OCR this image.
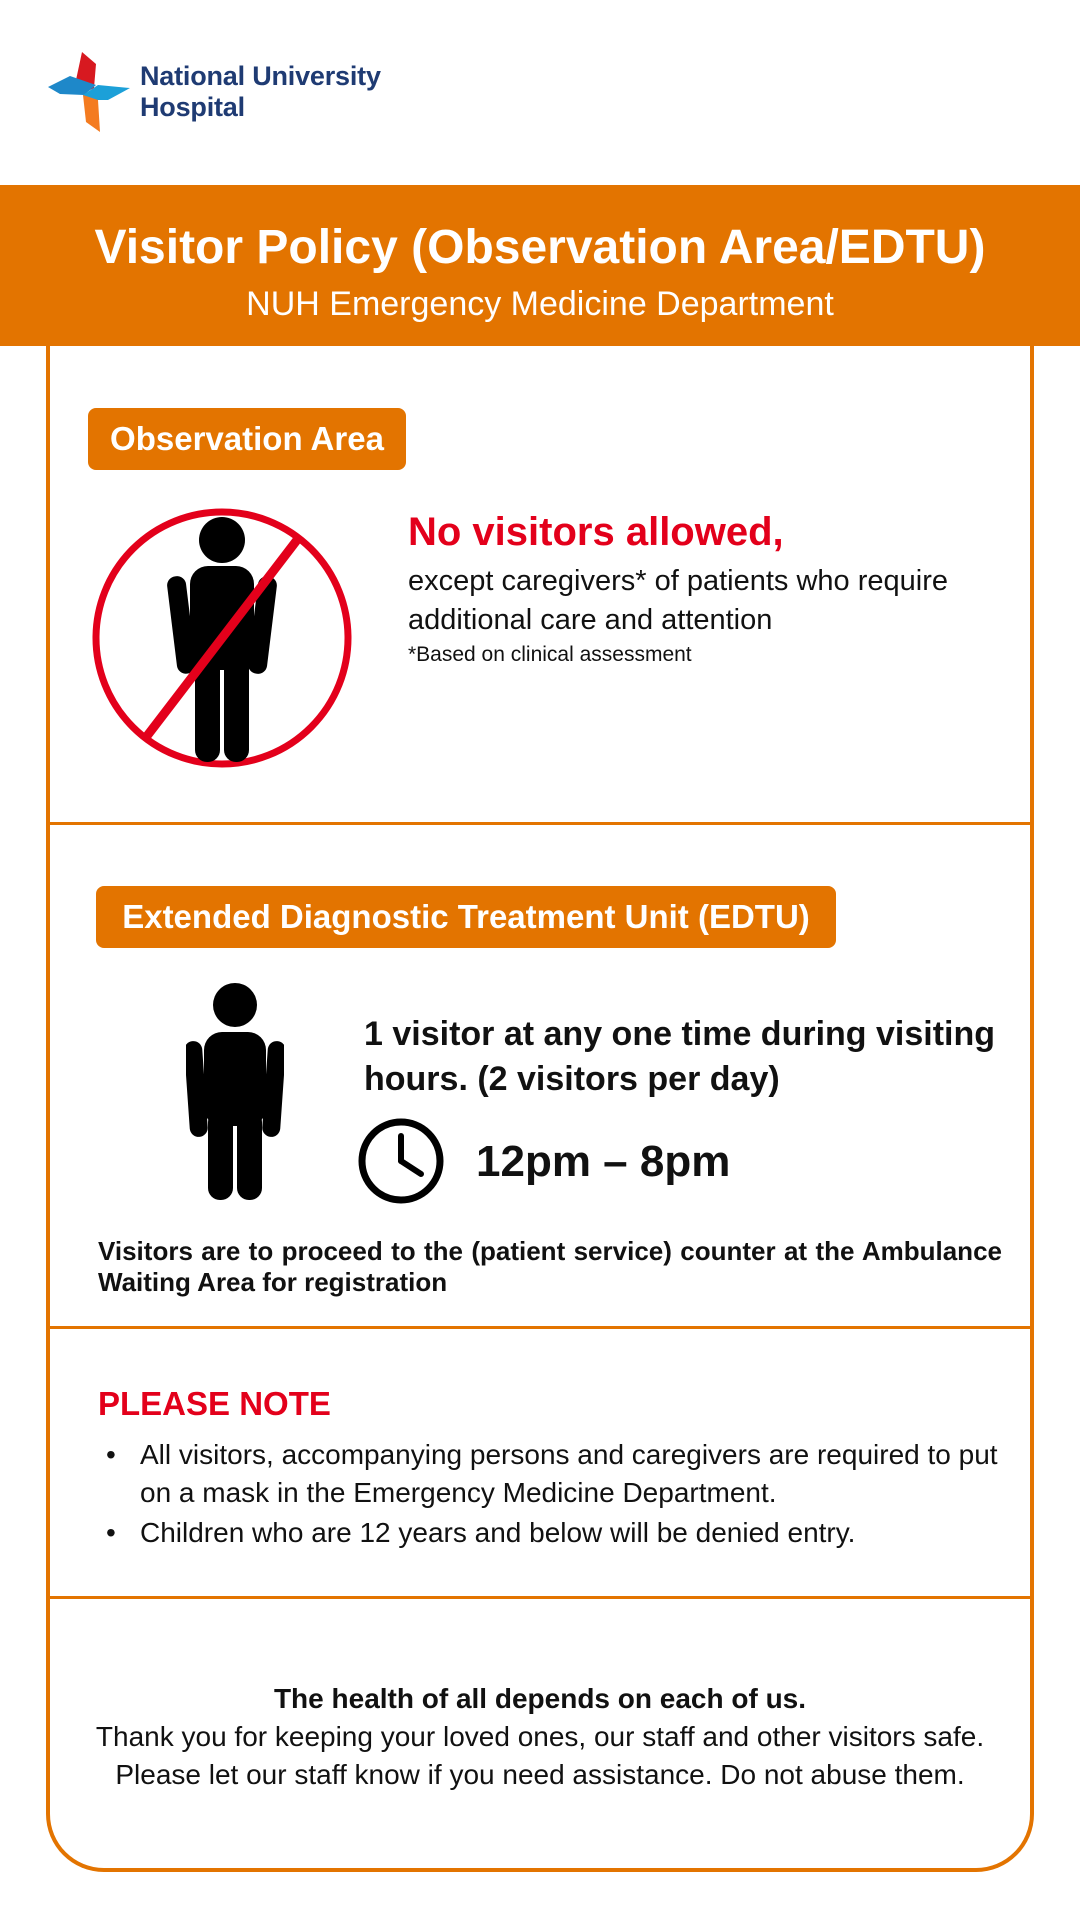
National University
Hospital
Visitor Policy (Observation Area/EDTU)
NUH Emergency Medicine Department
Observation Area
No visitors allowed,
except caregivers* of patients who require additional care and attention
*Based on clinical assessment
Extended Diagnostic Treatment Unit (EDTU)
1 visitor at any one time during visiting hours. (2 visitors per day)
12pm – 8pm
Visitors are to proceed to the (patient service) counter at the Ambulance Waiting Area for registration
PLEASE NOTE
• All visitors, accompanying persons and caregivers are required to put on a mask in the Emergency Medicine Department.
• Children who are 12 years and below will be denied entry.
The health of all depends on each of us.
Thank you for keeping your loved ones, our staff and other visitors safe.
Please let our staff know if you need assistance. Do not abuse them.
